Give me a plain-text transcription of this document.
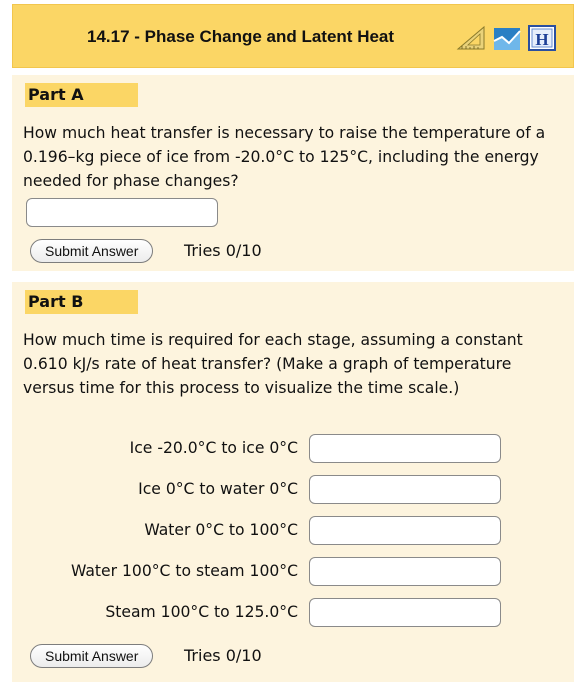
14.17 - Phase Change and Latent Heat	H
Part A
How much heat transfer is necessary to raise the temperature of a 0.196–kg piece of ice from -20.0°C to 125°C, including the energy needed for phase changes?
Submit Answer	Tries 0/10
Part B
How much time is required for each stage, assuming a constant 0.610 kJ/s rate of heat transfer? (Make a graph of temperature versus time for this process to visualize the time scale.)
Ice -20.0°C to ice 0°C
Ice 0°C to water 0°C
Water 0°C to 100°C
Water 100°C to steam 100°C
Steam 100°C to 125.0°C
Submit Answer	Tries 0/10
